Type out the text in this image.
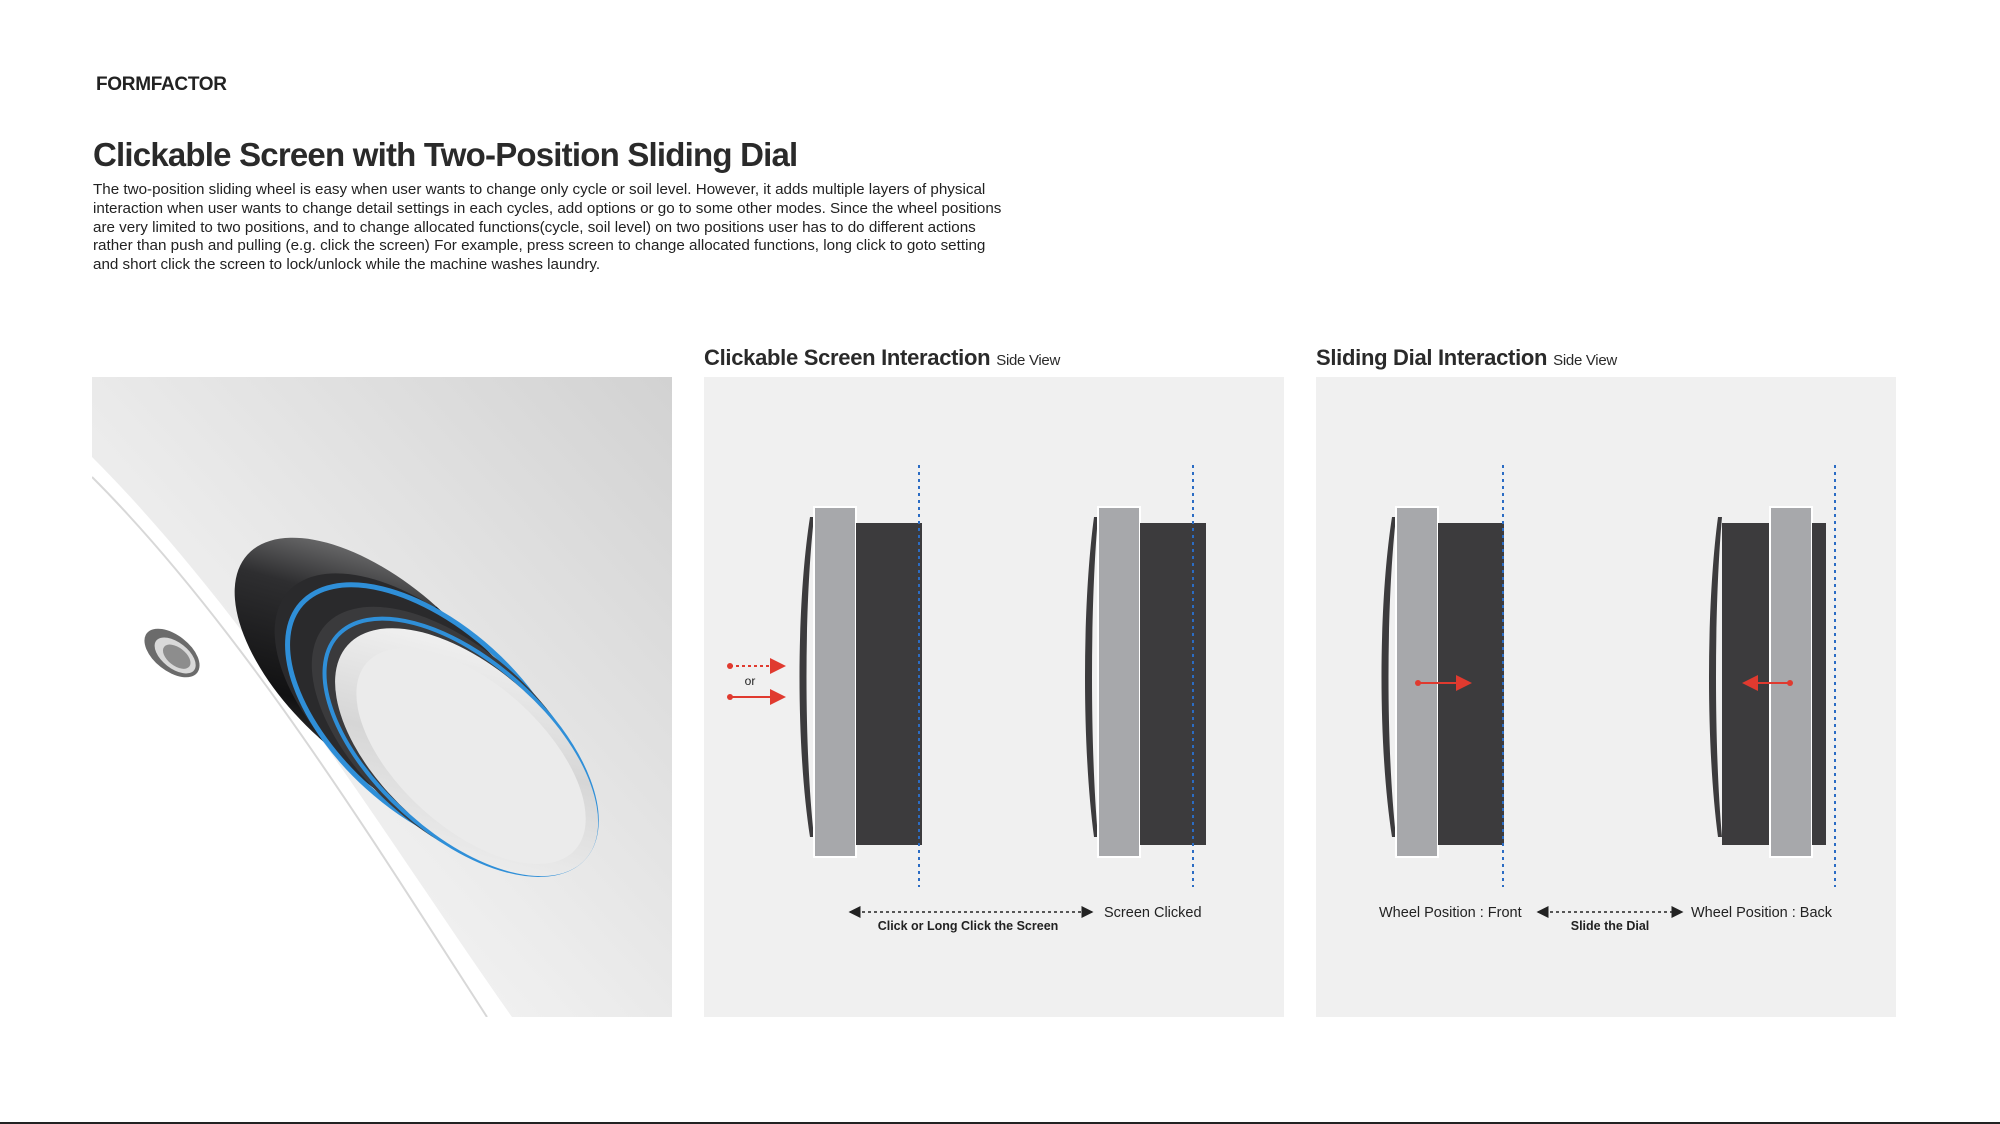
FORMFACTOR
Clickable Screen with Two-Position Sliding Dial

The two-position sliding wheel is easy when user wants to change only cycle or soil level. However, it adds multiple layers of physical interaction when user wants to change detail settings in each cycles, add options or go to some other modes. Since the wheel positions are very limited to two positions, and to change allocated functions(cycle, soil level) on two positions user has to do different actions rather than push and pulling (e.g. click the screen) For example, press screen to change allocated functions, long click to goto setting and short click the screen to lock/unlock while the machine washes laundry.

Clickable Screen Interaction Side View
or
Screen Clicked
Click or Long Click the Screen
Sliding Dial Interaction Side View
Wheel Position : Front	Wheel Position : Back
Slide the Dial
